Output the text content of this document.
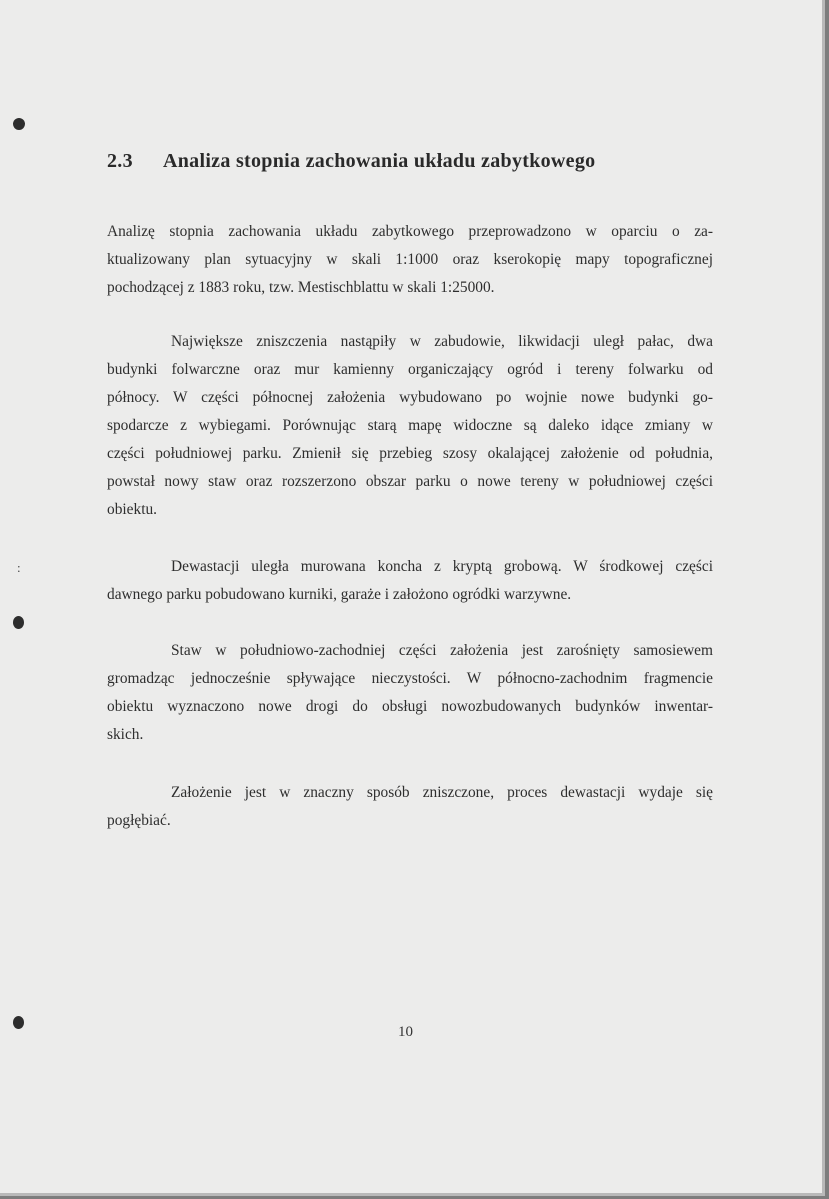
:
2.3 Analiza stopnia zachowania układu zabytkowego
Analizę stopnia zachowania układu zabytkowego przeprowadzono w oparciu o za-
ktualizowany plan sytuacyjny w skali 1:1000 oraz kserokopię mapy topograficznej
pochodzącej z 1883 roku, tzw. Mestischblattu w skali 1:25000.
Największe zniszczenia nastąpiły w zabudowie, likwidacji uległ pałac, dwa
budynki folwarczne oraz mur kamienny organiczający ogród i tereny folwarku od
północy. W części północnej założenia wybudowano po wojnie nowe budynki go-
spodarcze z wybiegami. Porównując starą mapę widoczne są daleko idące zmiany w
części południowej parku. Zmienił się przebieg szosy okalającej założenie od południa,
powstał nowy staw oraz rozszerzono obszar parku o nowe tereny w południowej części
obiektu.
Dewastacji uległa murowana koncha z kryptą grobową. W środkowej części
dawnego parku pobudowano kurniki, garaże i założono ogródki warzywne.
Staw w południowo-zachodniej części założenia jest zarośnięty samosiewem
gromadząc jednocześnie spływające nieczystości. W północno-zachodnim fragmencie
obiektu wyznaczono nowe drogi do obsługi nowozbudowanych budynków inwentar-
skich.
Założenie jest w znaczny sposób zniszczone, proces dewastacji wydaje się
pogłębiać.
10
